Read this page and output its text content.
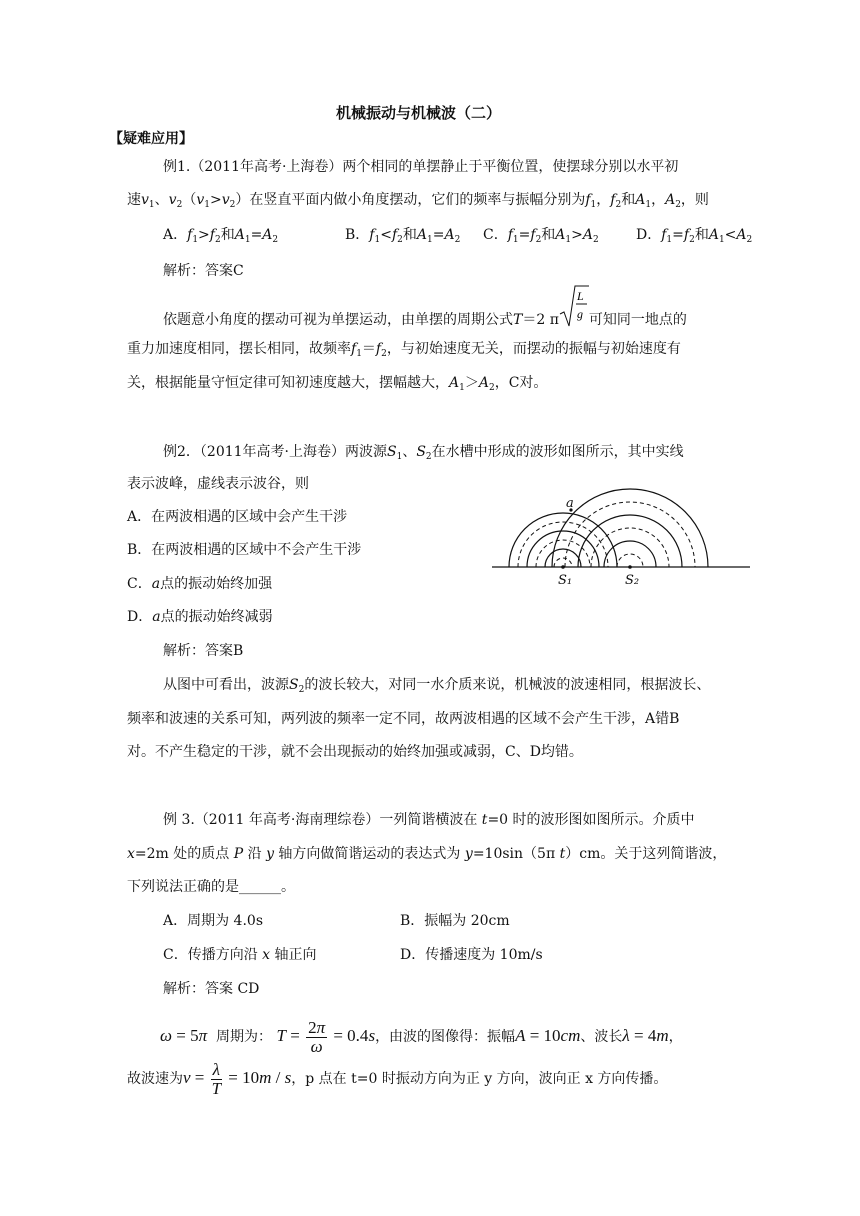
机械振动与机械波（二）
【疑难应用】
例1.（2011年高考·上海卷）两个相同的单摆静止于平衡位置，使摆球分别以水平初
速$v_1$、$v_2(v_1>v_2)$在竖直平面内做小角度摆动，它们的频率与振幅分别为$f_1$，$f_2$和$A_1$，$A_2$，则
A．$f_1>f_2$和$A_1=A_2$	B．$f_1<f_2$和$A_1=A_2$ C．$f_1=f_2$和$A_1>A_2$	D．$f_1=f_2$和$A_1<A_2$
解析：答案C
依题意小角度的摆动可视为单摆运动，由单摆的周期公式T＝2 π
L
g 可知同一地点的
重力加速度相同，摆长相同，故频率$f_1=f_2$，与初始速度无关，而摆动的振幅与初始速度有
关，根据能量守恒定律可知初速度越大，摆幅越大，$A_1>A_2$，C对。
例2．（2011年高考·上海卷）两波源$S_1$、$S_2$在水槽中形成的波形如图所示，其中实线
表示波峰，虚线表示波谷，则
A．在两波相遇的区域中会产生干涉
B．在两波相遇的区域中不会产生干涉
C．a点的振动始终加强
D．a点的振动始终减弱
a
S₁	S₂
解析：答案B
从图中可看出，波源$S_2$的波长较大，对同一水介质来说，机械波的波速相同，根据波长、
频率和波速的关系可知，两列波的频率一定不同，故两波相遇的区域不会产生干涉，A错B
对。不产生稳定的干涉，就不会出现振动的始终加强或减弱，C、D均错。
例 3.（2011 年高考·海南理综卷）一列简谐横波在 t=0 时的波形图如图所示。介质中
x=2m 处的质点 P 沿 y 轴方向做简谐运动的表达式为 y=10sin（5π t）cm。关于这列简谐波，
下列说法正确的是______。
A．周期为 4.0s	B．振幅为 20cm
C．传播方向沿 x 轴正向	D．传播速度为 10m/s
解析：答案 CD
ω = 5π 周期为： $T = \frac{2\pi}{\omega} = 0.4s$，由波的图像得：振幅A = 10cm、波长λ = 4m，
故波速为$v = \frac{\lambda}{T} = 10m / s$，p 点在 t=0 时振动方向为正 y 方向，波向正 x 方向传播。
